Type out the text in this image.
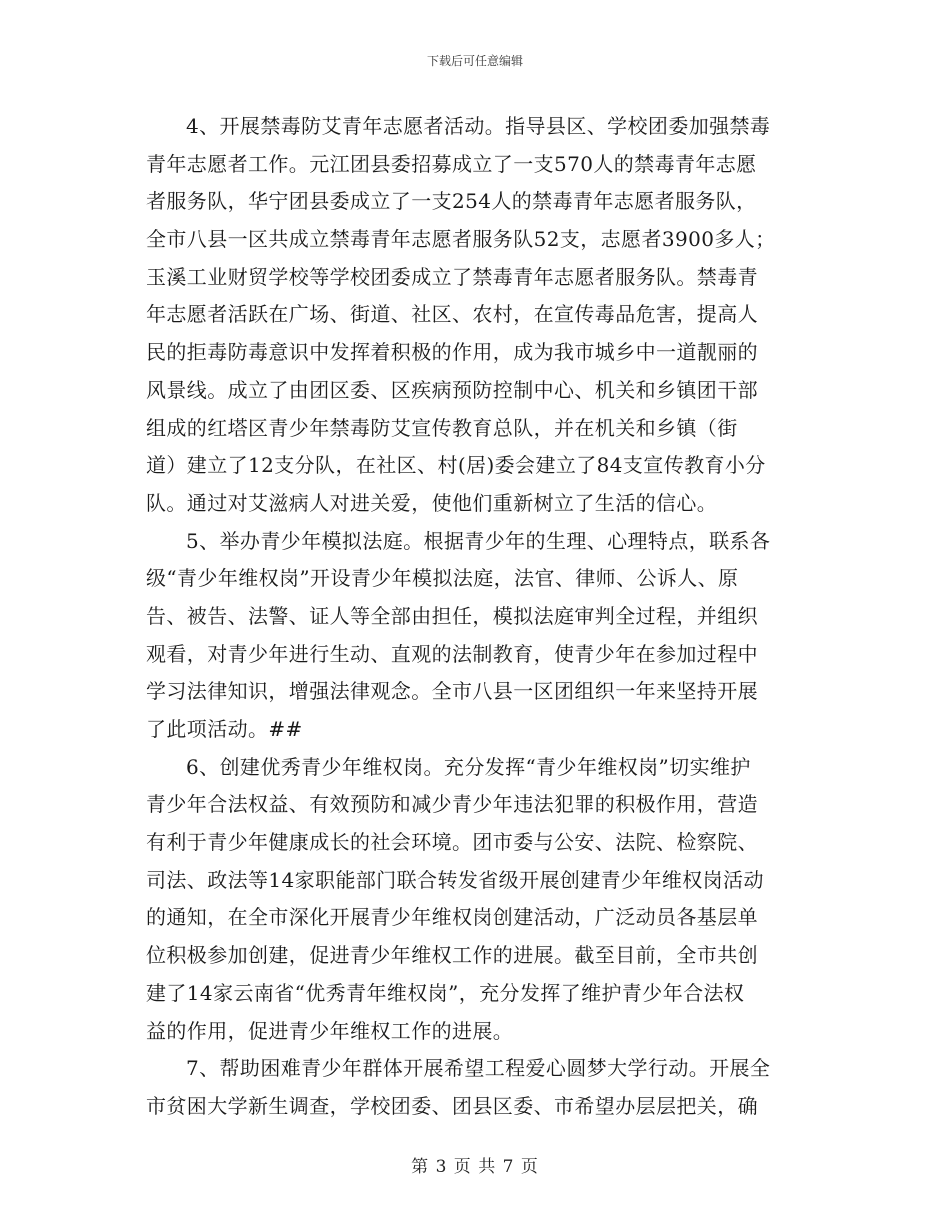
下载后可任意编辑
4、开展禁毒防艾青年志愿者活动。指导县区、学校团委加强禁毒
青年志愿者工作。元江团县委招募成立了一支570人的禁毒青年志愿
者服务队，华宁团县委成立了一支254人的禁毒青年志愿者服务队，
全市八县一区共成立禁毒青年志愿者服务队52支，志愿者3900多人；
玉溪工业财贸学校等学校团委成立了禁毒青年志愿者服务队。禁毒青
年志愿者活跃在广场、街道、社区、农村，在宣传毒品危害，提高人
民的拒毒防毒意识中发挥着积极的作用，成为我市城乡中一道靓丽的
风景线。成立了由团区委、区疾病预防控制中心、机关和乡镇团干部
组成的红塔区青少年禁毒防艾宣传教育总队，并在机关和乡镇（街
道）建立了12支分队，在社区、村(居)委会建立了84支宣传教育小分
队。通过对艾滋病人对进关爱，使他们重新树立了生活的信心。
5、举办青少年模拟法庭。根据青少年的生理、心理特点，联系各
级“青少年维权岗”开设青少年模拟法庭，法官、律师、公诉人、原
告、被告、法警、证人等全部由担任，模拟法庭审判全过程，并组织
观看，对青少年进行生动、直观的法制教育，使青少年在参加过程中
学习法律知识，增强法律观念。全市八县一区团组织一年来坚持开展
了此项活动。##
6、创建优秀青少年维权岗。充分发挥“青少年维权岗”切实维护
青少年合法权益、有效预防和减少青少年违法犯罪的积极作用，营造
有利于青少年健康成长的社会环境。团市委与公安、法院、检察院、
司法、政法等14家职能部门联合转发省级开展创建青少年维权岗活动
的通知，在全市深化开展青少年维权岗创建活动，广泛动员各基层单
位积极参加创建，促进青少年维权工作的进展。截至目前，全市共创
建了14家云南省“优秀青年维权岗”，充分发挥了维护青少年合法权
益的作用，促进青少年维权工作的进展。
7、帮助困难青少年群体开展希望工程爱心圆梦大学行动。开展全
市贫困大学新生调查，学校团委、团县区委、市希望办层层把关，确
第 3 页 共 7 页
